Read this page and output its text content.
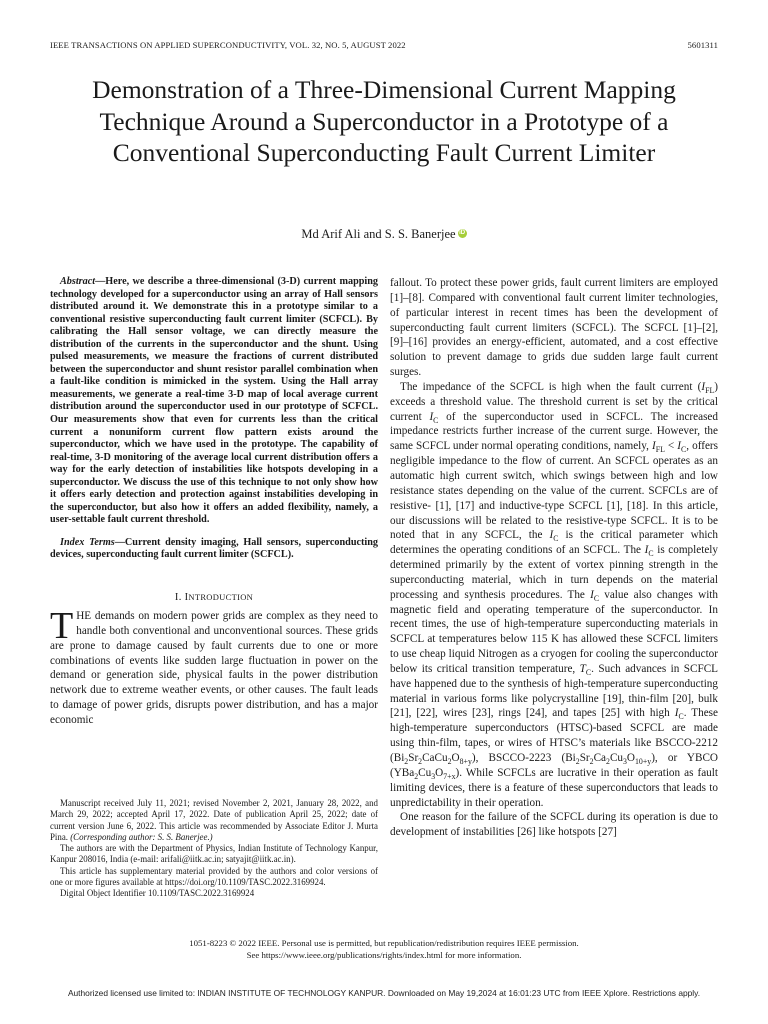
IEEE TRANSACTIONS ON APPLIED SUPERCONDUCTIVITY, VOL. 32, NO. 5, AUGUST 2022	5601311
Demonstration of a Three-Dimensional Current Mapping Technique Around a Superconductor in a Prototype of a Conventional Superconducting Fault Current Limiter
Md Arif Ali and S. S. Banerjee iD

Abstract—Here, we describe a three-dimensional (3-D) current mapping technology developed for a superconductor using an array of Hall sensors distributed around it. We demonstrate this in a prototype similar to a conventional resistive superconducting fault current limiter (SCFCL). By calibrating the Hall sensor voltage, we can directly measure the distribution of the currents in the superconductor and the shunt. Using pulsed measurements, we measure the fractions of current distributed between the superconductor and shunt resistor parallel combination when a fault-like condition is mimicked in the system. Using the Hall array measurements, we generate a real-time 3-D map of local average current distribution around the superconductor used in our prototype of SCFCL. Our measurements show that even for currents less than the critical current a nonuniform current flow pattern exists around the superconductor, which we have used in the prototype. The capability of real-time, 3-D monitoring of the average local current distribution offers a way for the early detection of instabilities like hotspots developing in a superconductor. We discuss the use of this technique to not only show how it offers early detection and protection against instabilities developing in the superconductor, but also how it offers an added flexibility, namely, a user-settable fault current threshold.

Index Terms—Current density imaging, Hall sensors, superconducting devices, superconducting fault current limiter (SCFCL).

I. INTRODUCTION

THE demands on modern power grids are complex as they need to handle both conventional and unconventional sources. These grids are prone to damage caused by fault currents due to one or more combinations of events like sudden large fluctuation in power on the demand or generation side, physical faults in the power distribution network due to extreme weather events, or other causes. The fault leads to damage of power grids, disrupts power distribution, and has a major economic

Manuscript received July 11, 2021; revised November 2, 2021, January 28, 2022, and March 29, 2022; accepted April 17, 2022. Date of publication April 25, 2022; date of current version June 6, 2022. This article was recommended by Associate Editor J. Murta Pina. (Corresponding author: S. S. Banerjee.)

The authors are with the Department of Physics, Indian Institute of Technology Kanpur, Kanpur 208016, India (e-mail: arifali@iitk.ac.in; satyajit@iitk.ac.in).

This article has supplementary material provided by the authors and color versions of one or more figures available at https://doi.org/10.1109/TASC.2022.3169924.

Digital Object Identifier 10.1109/TASC.2022.3169924

fallout. To protect these power grids, fault current limiters are employed [1]–[8]. Compared with conventional fault current limiter technologies, of particular interest in recent times has been the development of superconducting fault current limiters (SCFCL). The SCFCL [1]–[2], [9]–[16] provides an energy-efficient, automated, and a cost effective solution to prevent damage to grids due sudden large fault current surges.

The impedance of the SCFCL is high when the fault current $(I_{FL})$ exceeds a threshold value. The threshold current is set by the critical current $I_C$ of the superconductor used in SCFCL. The increased impedance restricts further increase of the current surge. However, the same SCFCL under normal operating conditions, namely, $I_{FL} < I_C$, offers negligible impedance to the flow of current. An SCFCL operates as an automatic high current switch, which swings between high and low resistance states depending on the value of the current. SCFCLs are of resistive- [1], [17] and inductive-type SCFCL [1], [18]. In this article, our discussions will be related to the resistive-type SCFCL. It is to be noted that in any SCFCL, the $I_C$ is the critical parameter which determines the operating conditions of an SCFCL. The $I_C$ is completely determined primarily by the extent of vortex pinning strength in the superconducting material, which in turn depends on the material processing and synthesis procedures. The $I_C$ value also changes with magnetic field and operating temperature of the superconductor. In recent times, the use of high-temperature superconducting materials in SCFCL at temperatures below 115 K has allowed these SCFCL limiters to use cheap liquid Nitrogen as a cryogen for cooling the superconductor below its critical transition temperature, $T_C$. Such advances in SCFCL have happened due to the synthesis of high-temperature superconducting material in various forms like polycrystalline [19], thin-film [20], bulk [21], [22], wires [23], rings [24], and tapes [25] with high $I_C$. These high-temperature superconductors (HTSC)-based SCFCL are made using thin-film, tapes, or wires of HTSC’s materials like BSCCO-2212 $(Bi_2Sr_2CaCu_2O_{8+y})$, BSCCO-2223 $(Bi_2Sr_2Ca_2Cu_3O_{10+y})$, or YBCO $(YBa_2Cu_3O_{7+x})$. While SCFCLs are lucrative in their operation as fault limiting devices, there is a feature of these superconductors that leads to unpredictability in their operation.

One reason for the failure of the SCFCL during its operation is due to development of instabilities [26] like hotspots [27]

1051-8223 © 2022 IEEE. Personal use is permitted, but republication/redistribution requires IEEE permission.
See https://www.ieee.org/publications/rights/index.html for more information.
Authorized licensed use limited to: INDIAN INSTITUTE OF TECHNOLOGY KANPUR. Downloaded on May 19,2024 at 16:01:23 UTC from IEEE Xplore. Restrictions apply.
